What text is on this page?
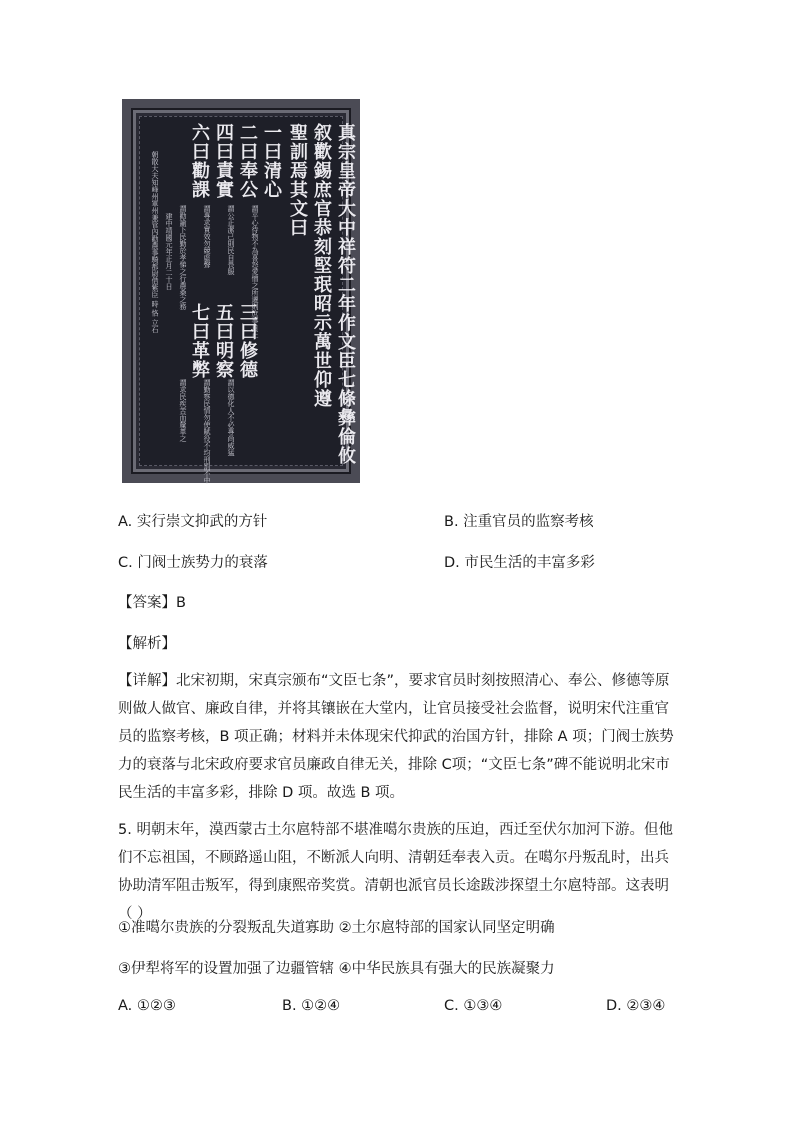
真宗皇帝大中祥符二年作文臣七條彝倫攸
叙歡錫庶官恭刻堅珉昭示萬世仰遵
聖訓焉其文曰
一曰清心
二曰奉公
四曰責實
六曰勸課
三曰修德
五曰明察
七曰革弊
謂平心待物不為喜怒愛憎之所遷則庶事自正
謂公正潔己則民自畏服
謂專求實效勿競虛聲
謂勸諭下民勤於孝悌之行農桑之務
謂以德化人不必專尚威猛
謂勤察民情勿使賦役不均刑罰不中
謂求民疾苦而釐革之
建中靖國元年正月二十日
朝散大夫知峰州軍州兼管內勸農事騎都尉借紫臣 時 恪 立石
A. 实行崇文抑武的方针	B. 注重官员的监察考核
C. 门阀士族势力的衰落	D. 市民生活的丰富多彩
【答案】B
【解析】
【详解】北宋初期，宋真宗颁布“文臣七条”，要求官员时刻按照清心、奉公、修德等原则做人做官、廉政自律，并将其镶嵌在大堂内，让官员接受社会监督，说明宋代注重官员的监察考核，B 项正确；材料并未体现宋代抑武的治国方针，排除 A 项；门阀士族势力的衰落与北宋政府要求官员廉政自律无关，排除 C项；“文臣七条”碑不能说明北宋市民生活的丰富多彩，排除 D 项。故选 B 项。
5. 明朝末年，漠西蒙古土尔扈特部不堪准噶尔贵族的压迫，西迁至伏尔加河下游。但他们不忘祖国，不顾路遥山阻，不断派人向明、清朝廷奉表入贡。在噶尔丹叛乱时，出兵协助清军阻击叛军，得到康熙帝奖赏。清朝也派官员长途跋涉探望土尔扈特部。这表明（ ）
①准噶尔贵族的分裂叛乱失道寡助 ②土尔扈特部的国家认同坚定明确
③伊犁将军的设置加强了边疆管辖 ④中华民族具有强大的民族凝聚力
A. ①②③	B. ①②④	C. ①③④	D. ②③④
